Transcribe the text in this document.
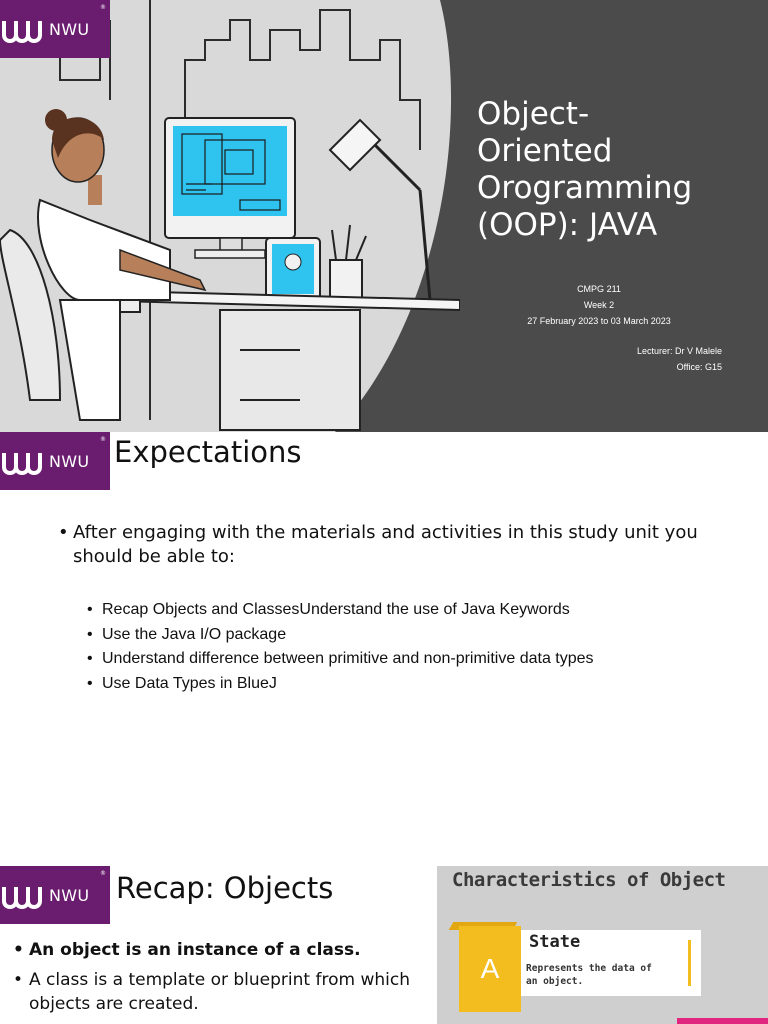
NWU
®
Object-
Oriented
Orogramming
(OOP): JAVA
CMPG 211
Week 2
27 February 2023 to 03 March 2023
Lecturer: Dr V Malele
Office: G15
NWU
® Expectations
• After engaging with the materials and activities in this study unit you should be able to:
• Recap Objects and ClassesUnderstand the use of Java Keywords
• Use the Java I/O package
• Understand difference between primitive and non-primitive data types
• Use Data Types in BlueJ
NWU
® Recap: Objects
• An object is an instance of a class.
• A class is a template or blueprint from which objects are created.
Characteristics of Object
A
State
Represents the data of an object.
